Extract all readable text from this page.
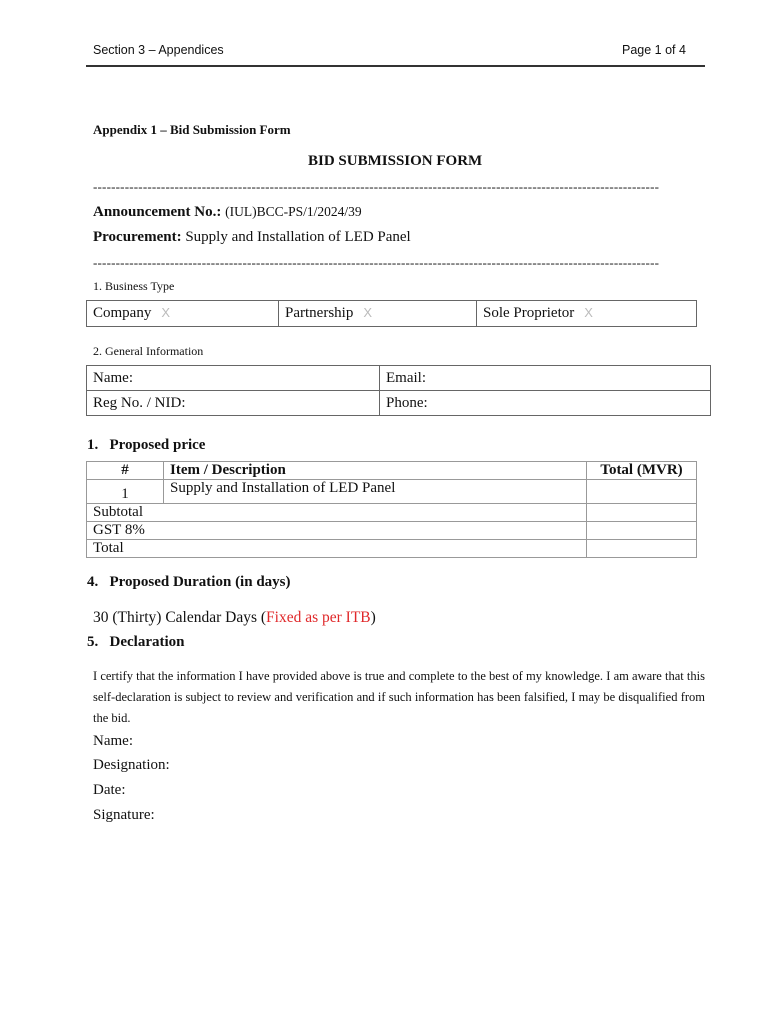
Section 3 – Appendices	Page 1 of 4
Appendix 1 – Bid Submission Form
BID SUBMISSION FORM
-----------------------------------------------------------------------------------------------------------------------------
Announcement No.: (IUL)BCC-PS/1/2024/39
Procurement: Supply and Installation of LED Panel
-----------------------------------------------------------------------------------------------------------------------------
1. Business Type
Company X	Partnership X	Sole Proprietor X
2. General Information
Name:	Email:
Reg No. / NID:	Phone:
1.   Proposed price
#	Item / Description	Total (MVR)
1	Supply and Installation of LED Panel	
Subtotal		
GST 8%		
Total		
4.   Proposed Duration (in days)
30 (Thirty) Calendar Days (Fixed as per ITB)
5.   Declaration
I certify that the information I have provided above is true and complete to the best of my knowledge. I am aware that this self-declaration is subject to review and verification and if such information has been falsified, I may be disqualified from the bid.
Name:
Designation:
Date:
Signature:
